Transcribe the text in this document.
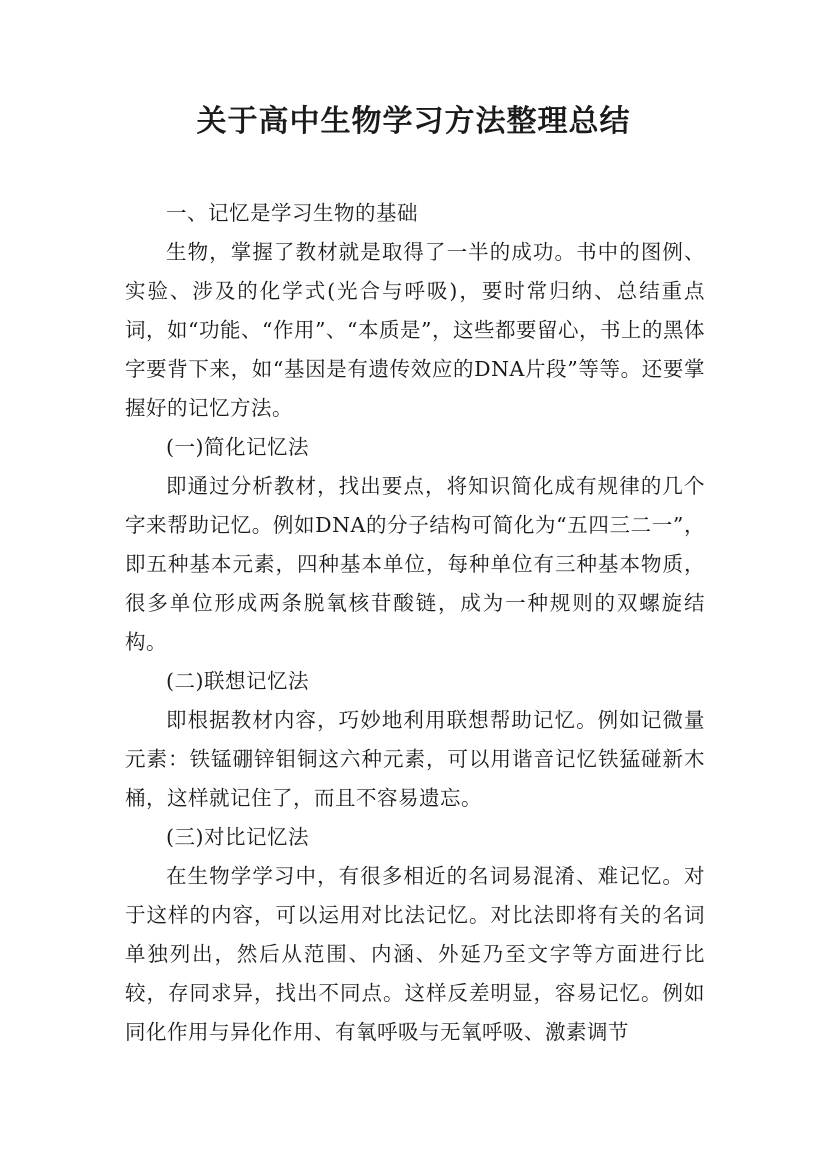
关于高中生物学习方法整理总结

一、记忆是学习生物的基础

生物，掌握了教材就是取得了一半的成功。书中的图例、实验、涉及的化学式(光合与呼吸)，要时常归纳、总结重点词，如“功能、“作用”、“本质是”，这些都要留心，书上的黑体字要背下来，如“基因是有遗传效应的DNA片段”等等。还要掌握好的记忆方法。

(一)简化记忆法

即通过分析教材，找出要点，将知识简化成有规律的几个字来帮助记忆。例如DNA的分子结构可简化为“五四三二一”，即五种基本元素，四种基本单位，每种单位有三种基本物质，很多单位形成两条脱氧核苷酸链，成为一种规则的双螺旋结构。

(二)联想记忆法

即根据教材内容，巧妙地利用联想帮助记忆。例如记微量元素：铁锰硼锌钼铜这六种元素，可以用谐音记忆铁猛碰新木桶，这样就记住了，而且不容易遗忘。

(三)对比记忆法

在生物学学习中，有很多相近的名词易混淆、难记忆。对于这样的内容，可以运用对比法记忆。对比法即将有关的名词单独列出，然后从范围、内涵、外延乃至文字等方面进行比较，存同求异，找出不同点。这样反差明显，容易记忆。例如同化作用与异化作用、有氧呼吸与无氧呼吸、激素调节
